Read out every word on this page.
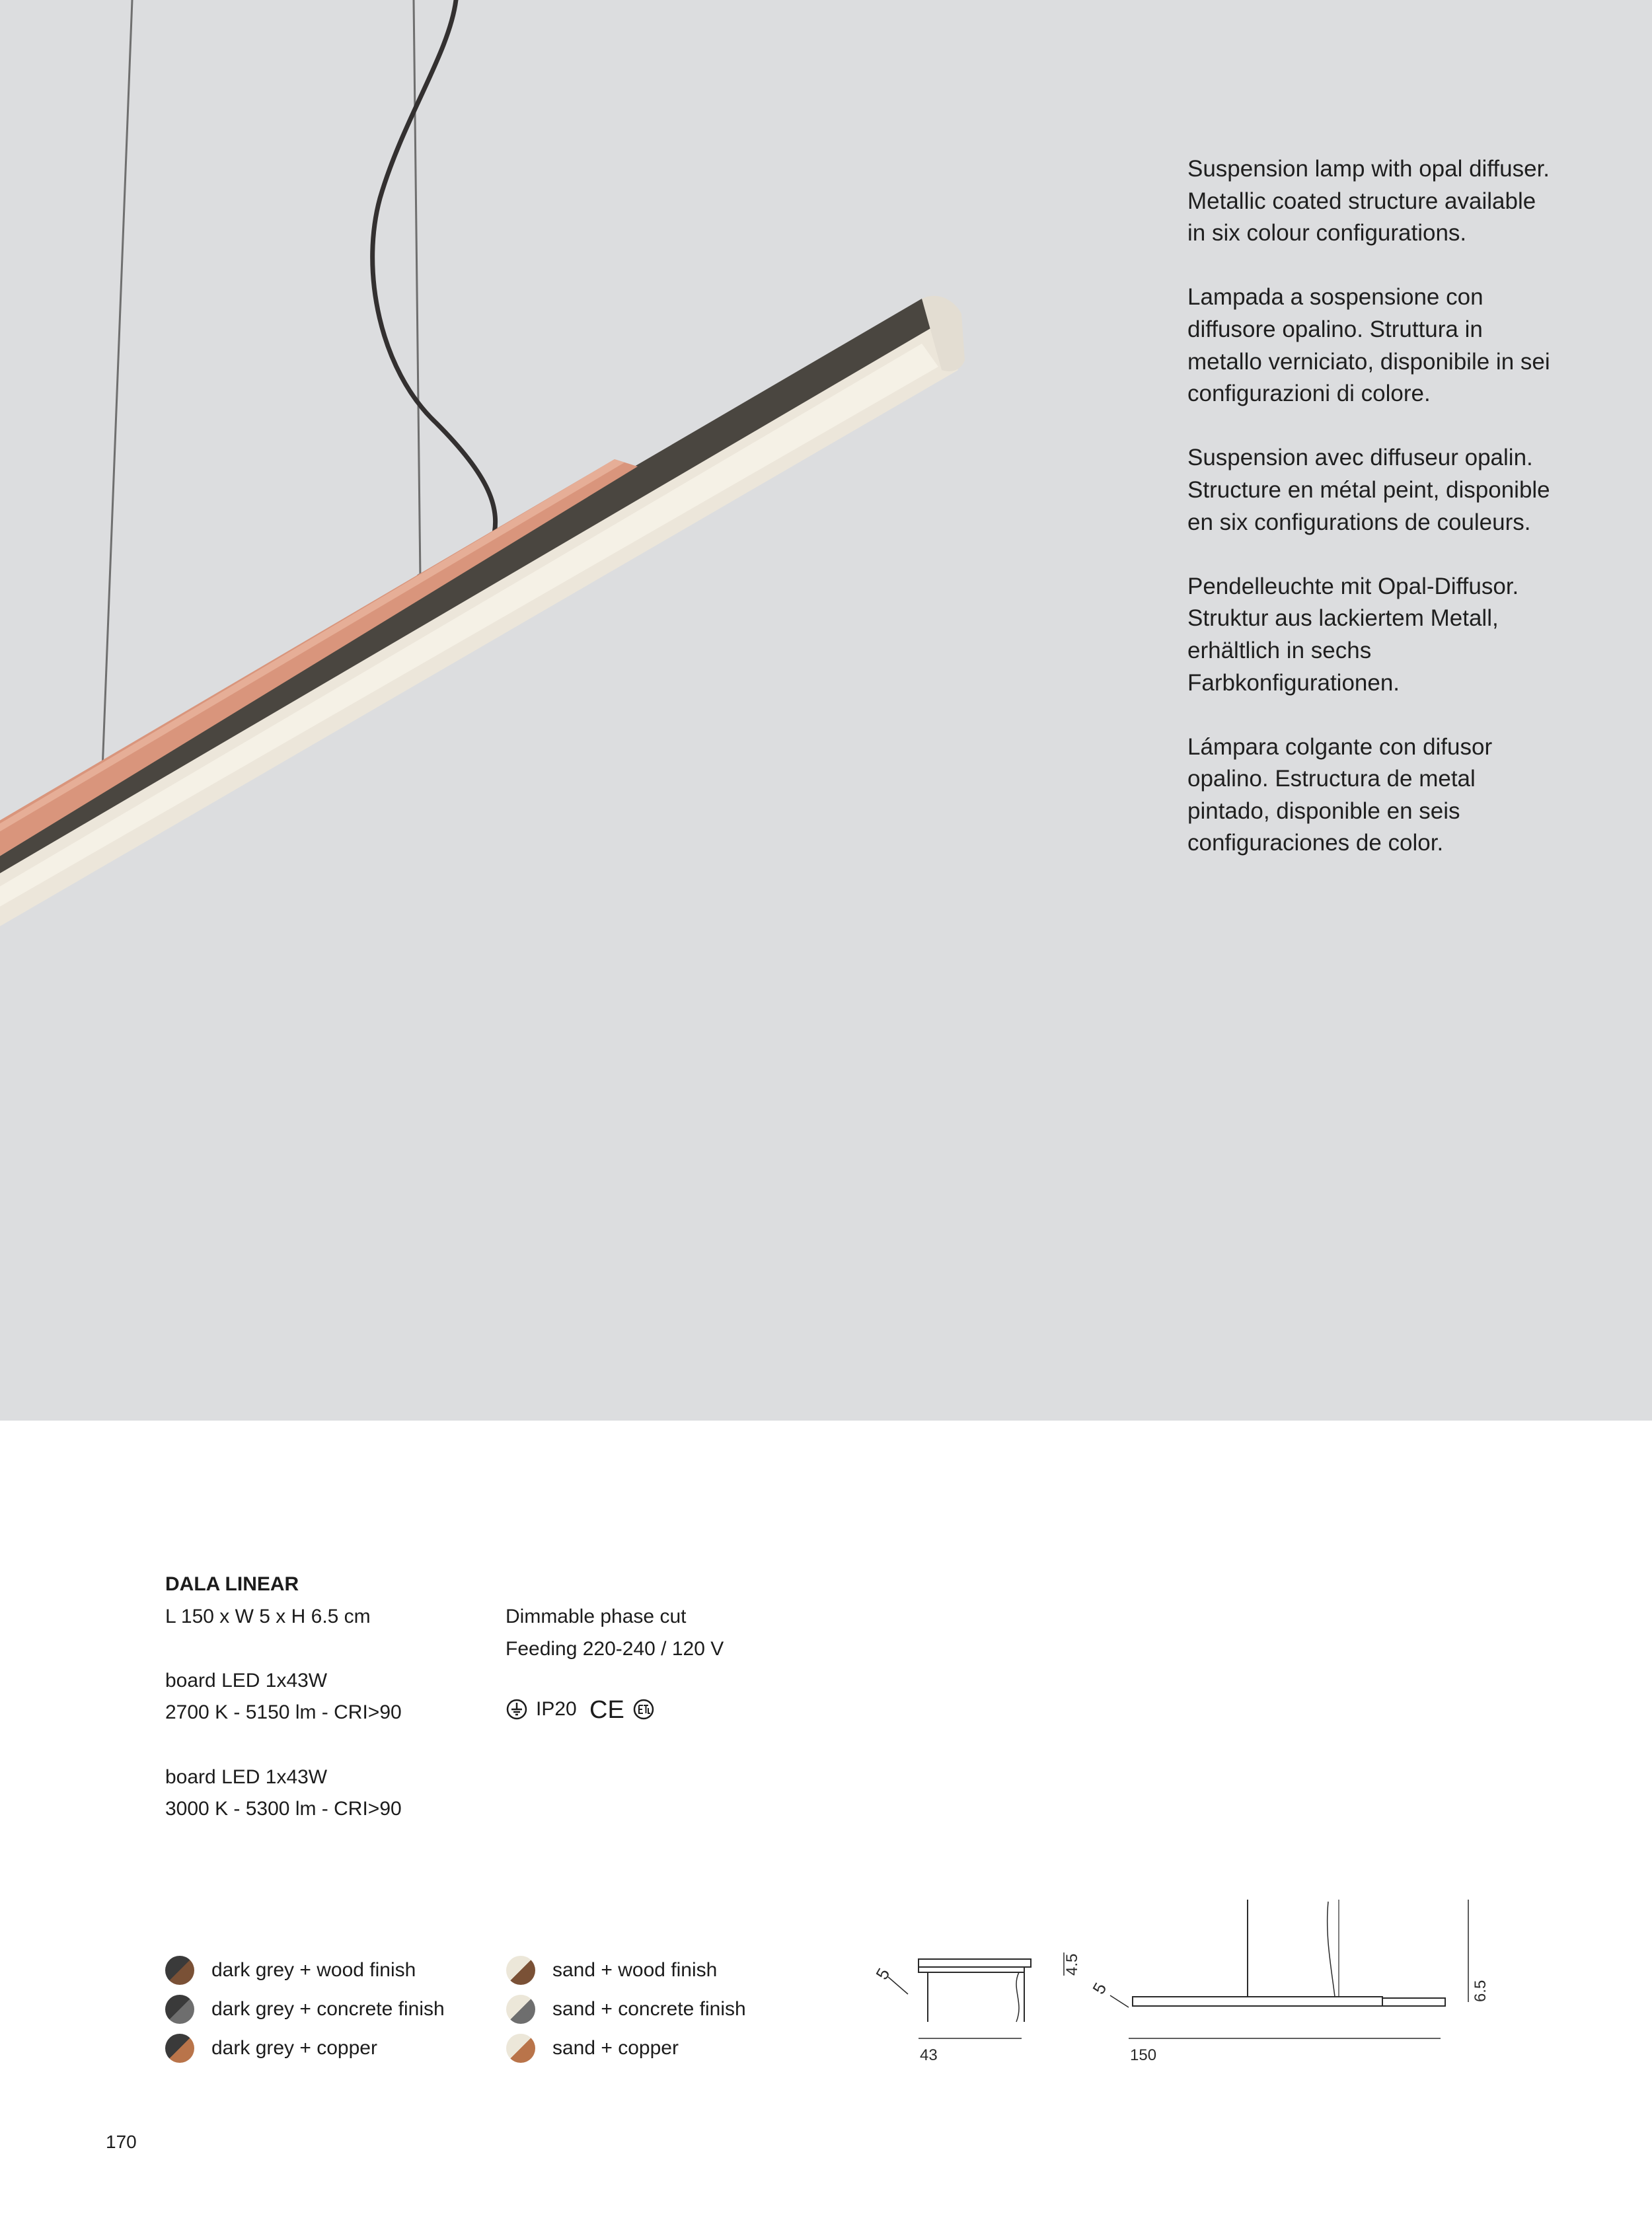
Suspension lamp with opal diffuser. Metallic coated structure available in six colour configurations.

Lampada a sospensione con diffusore opalino. Struttura in metallo verniciato, disponibile in sei configurazioni di colore.

Suspension avec diffuseur opalin. Structure en métal peint, disponible en six configurations de couleurs.

Pendelleuchte mit Opal-Diffusor. Struktur aus lackiertem Metall, erhältlich in sechs Farbkonfigurationen.

Lámpara colgante con difusor opalino. Estructura de metal pintado, disponible en seis configuraciones de color.

DALA LINEAR
L 150 x W 5 x H 6.5 cm
board LED 1x43W
2700 K - 5150 lm - CRI>90
board LED 1x43W
3000 K - 5300 lm - CRI>90
Dimmable phase cut
Feeding 220-240 / 120 V
IP20 CE
dark grey + wood finish
dark grey + concrete finish
dark grey + copper
sand + wood finish
sand + concrete finish
sand + copper
5	4.5
43
5	6.5
150
170
